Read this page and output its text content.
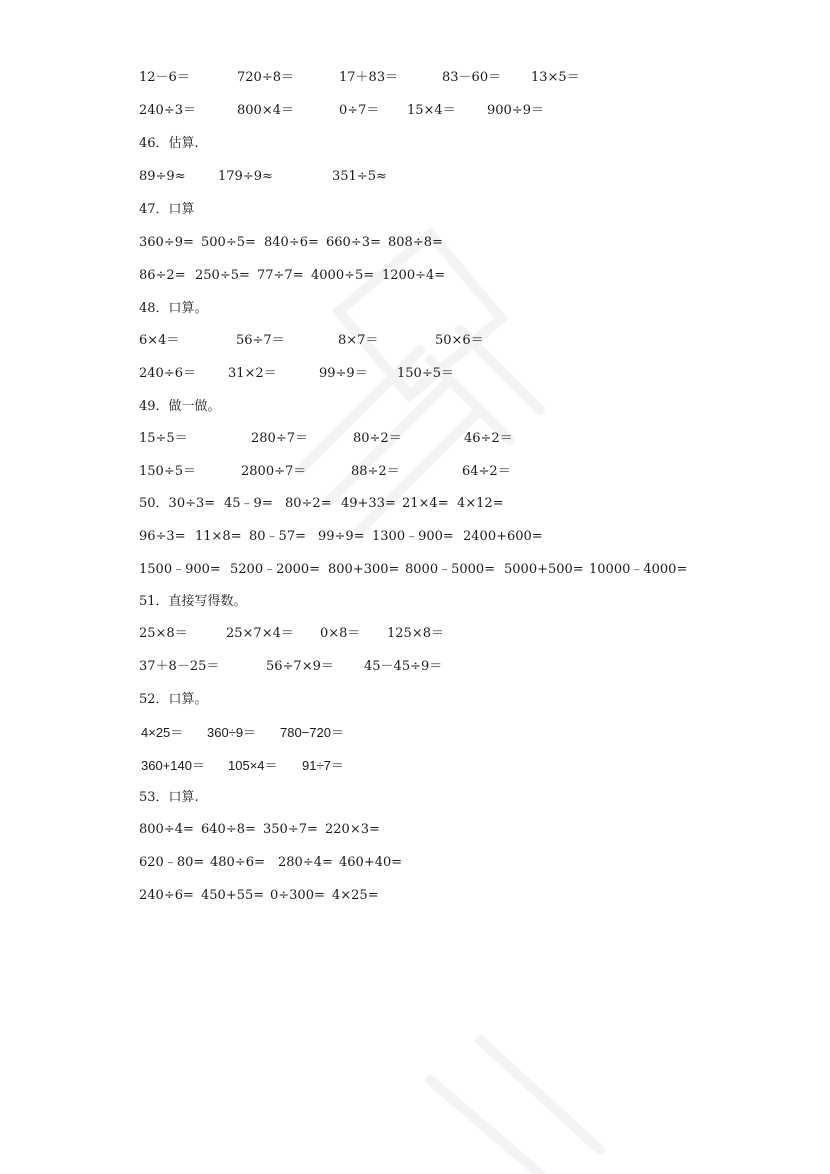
12－6＝	720÷8＝	17＋83＝	83－60＝ 13×5＝
240÷3＝	800×4＝	0÷7＝ 15×4＝ 900÷9＝
46．估算.
89÷9≈ 179÷9≈	351÷5≈
47．口算
360÷9= 500÷5= 840÷6= 660÷3= 808÷8=
86÷2= 250÷5= 77÷7= 4000÷5= 1200÷4=
48．口算。
6×4＝	56÷7＝	8×7＝	50×6＝
240÷6＝ 31×2＝	99÷9＝ 150÷5＝
49．做一做。
15÷5＝	280÷7＝	80÷2＝	46÷2＝
150÷5＝	2800÷7＝	88÷2＝	64÷2＝
50．30÷3= 45﹣9= 80÷2= 49+33= 21×4= 4×12=
96÷3= 11×8= 80﹣57= 99÷9= 1300﹣900= 2400+600=
1500﹣900= 5200﹣2000= 800+300= 8000﹣5000= 5000+500= 10000﹣4000=
51．直接写得数。
25×8＝	25×7×4＝ 0×8＝ 125×8＝
37＋8－25＝	56÷7×9＝ 45－45÷9＝
52．口算。
4×25＝ 360÷9＝ 780−720＝
360+140＝ 105×4＝ 91÷7＝
53．口算.
800÷4= 640÷8= 350÷7= 220×3=
620﹣80= 480÷6= 280÷4= 460+40=
240÷6= 450+55= 0÷300= 4×25=
